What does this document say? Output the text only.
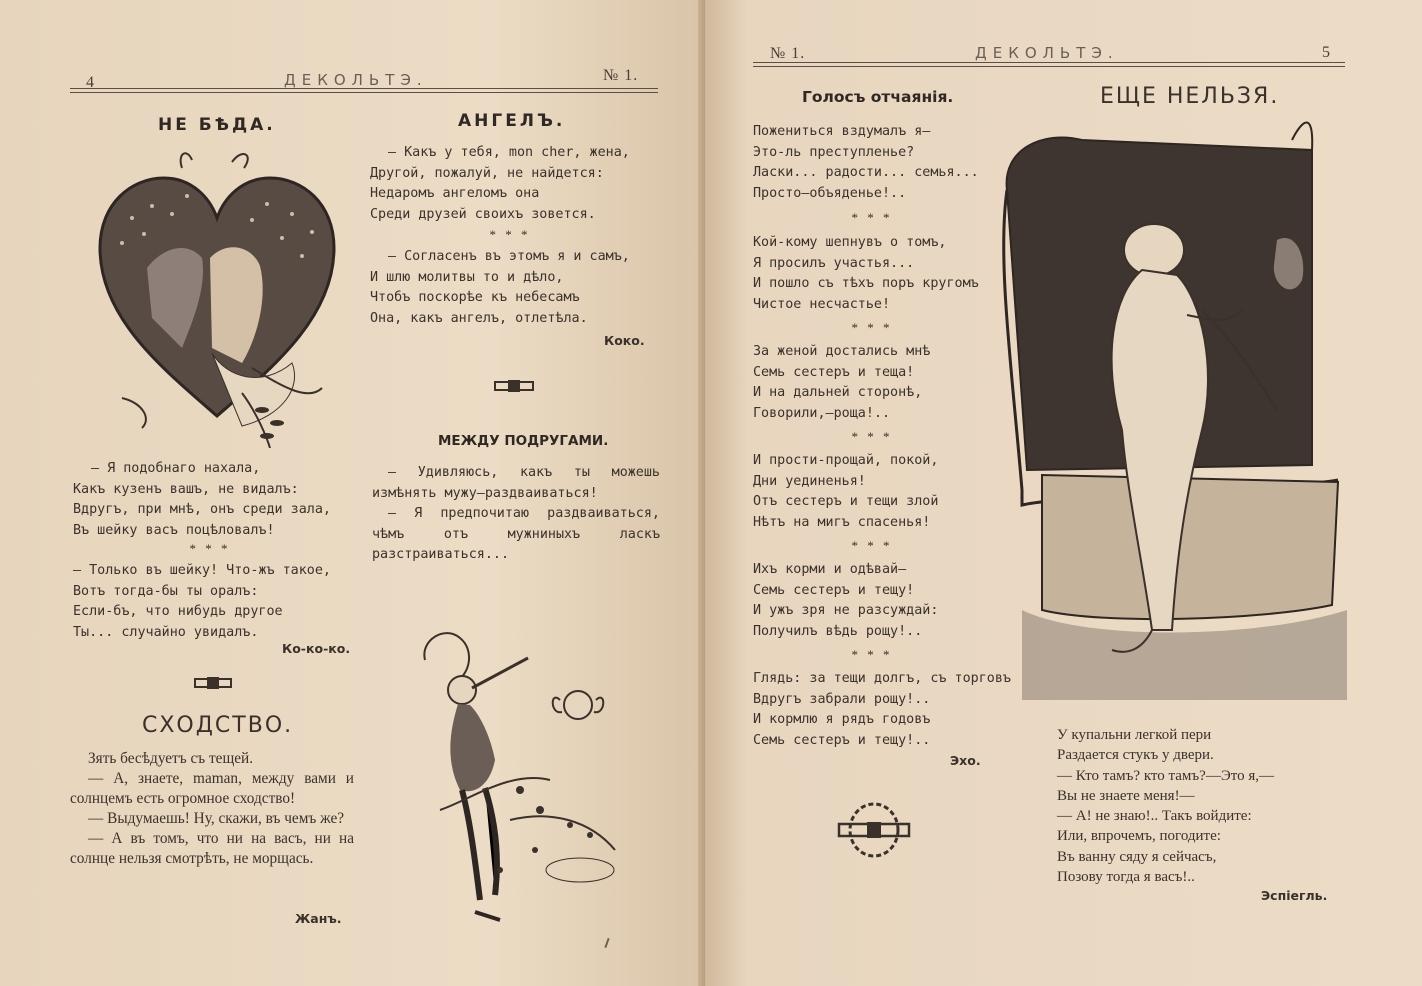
4	ДЕКОЛЬТЭ.	№ 1.
НЕ БѢДА.
— Я подобнаго нахала,
Какъ кузенъ вашъ, не видалъ:
Вдругъ, при мнѣ, онъ среди зала,
Въ шейку васъ поцѣловалъ!
* * *
— Только въ шейку! Что-жъ такое,
Вотъ тогда-бы ты оралъ:
Если-бъ, что нибудь другое
Ты... случайно увидалъ.
Ко-ко-ко.
СХОДСТВО.

Зять бесѣдуетъ съ тещей.

— А, знаете, maman, между вами и солнцемъ есть огромное сходство!

— Выдумаешь! Ну, скажи, въ чемъ же?

— А въ томъ, что ни на васъ, ни на солнце нельзя смотрѣть, не морщась.

Жанъ.
АНГЕЛЪ.
— Какъ у тебя, mon cher, жена,
Другой, пожалуй, не найдется:
Недаромъ ангеломъ она
Среди друзей своихъ зовется.
* * *
— Согласенъ въ этомъ я и самъ,
И шлю молитвы то и дѣло,
Чтобъ поскорѣе къ небесамъ
Она, какъ ангелъ, отлетѣла.
Коко.
МЕЖДУ ПОДРУГАМИ.
— Удивляюсь, какъ ты можешь измѣнять мужу—раздваиваться!
— Я предпочитаю раздваиваться, чѣмъ отъ мужниныхъ ласкъ разстраиваться...
№ 1.	ДЕКОЛЬТЭ.	5
Голосъ отчаянія.
Пожениться вздумалъ я—
Это-ль преступленье?
Ласки... радости... семья...
Просто—объяденье!..
* * *
Кой-кому шепнувъ о томъ,
Я просилъ участья...
И пошло съ тѣхъ поръ кругомъ
Чистое несчастье!
* * *
За женой достались мнѣ
Семь сестеръ и теща!
И на дальней сторонѣ,
Говорили,—роща!..
* * *
И прости-прощай, покой,
Дни уединенья!
Отъ сестеръ и тещи злой
Нѣтъ на мигъ спасенья!
* * *
Ихъ корми и одѣвай—
Семь сестеръ и тещу!
И ужъ зря не разсуждай:
Получилъ вѣдь рощу!..
* * *
Глядь: за тещи долгъ, съ торговъ
Вдругъ забрали рощу!..
И кормлю я рядъ годовъ
Семь сестеръ и тещу!..
Эхо.
ЕЩЕ НЕЛЬЗЯ.
У купальни легкой пери
Раздается стукъ у двери.
— Кто тамъ? кто тамъ?—Это я,—
Вы не знаете меня!—
— А! не знаю!.. Такъ войдите:
Или, впрочемъ, погодите:
Въ ванну сяду я сейчасъ,
Позову тогда я васъ!..
Эспіегль.
